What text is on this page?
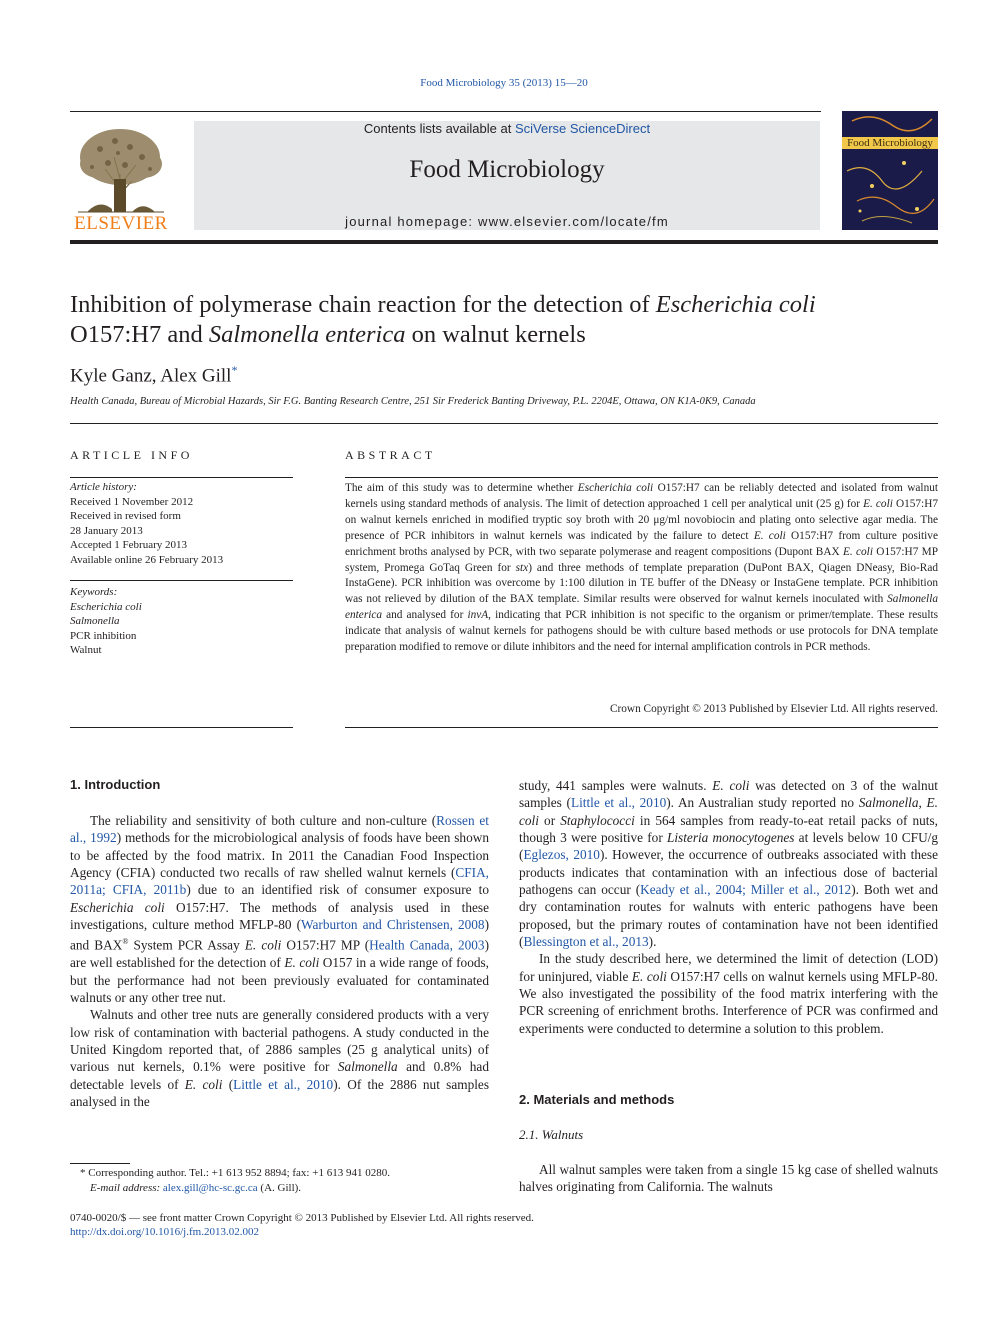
Food Microbiology 35 (2013) 15—20
ELSEVIER
Contents lists available at SciVerse ScienceDirect
Food Microbiology
journal homepage: www.elsevier.com/locate/fm
Food Microbiology
Inhibition of polymerase chain reaction for the detection of Escherichia coli
O157:H7 and Salmonella enterica on walnut kernels
Kyle Ganz, Alex Gill*
Health Canada, Bureau of Microbial Hazards, Sir F.G. Banting Research Centre, 251 Sir Frederick Banting Driveway, P.L. 2204E, Ottawa, ON K1A-0K9, Canada
ARTICLE INFO
Article history:
Received 1 November 2012
Received in revised form
28 January 2013
Accepted 1 February 2013
Available online 26 February 2013
Keywords:
Escherichia coli
Salmonella
PCR inhibition
Walnut
ABSTRACT
The aim of this study was to determine whether Escherichia coli O157:H7 can be reliably detected and isolated from walnut kernels using standard methods of analysis. The limit of detection approached 1 cell per analytical unit (25 g) for E. coli O157:H7 on walnut kernels enriched in modified tryptic soy broth with 20 μg/ml novobiocin and plating onto selective agar media. The presence of PCR inhibitors in walnut kernels was indicated by the failure to detect E. coli O157:H7 from culture positive enrichment broths analysed by PCR, with two separate polymerase and reagent compositions (Dupont BAX E. coli O157:H7 MP system, Promega GoTaq Green for stx) and three methods of template preparation (DuPont BAX, Qiagen DNeasy, Bio-Rad InstaGene). PCR inhibition was overcome by 1:100 dilution in TE buffer of the DNeasy or InstaGene template. PCR inhibition was not relieved by dilution of the BAX template. Similar results were observed for walnut kernels inoculated with Salmonella enterica and analysed for invA, indicating that PCR inhibition is not specific to the organism or primer/template. These results indicate that analysis of walnut kernels for pathogens should be with culture based methods or use protocols for DNA template preparation modified to remove or dilute inhibitors and the need for internal amplification controls in PCR methods.
Crown Copyright © 2013 Published by Elsevier Ltd. All rights reserved.
1. Introduction

The reliability and sensitivity of both culture and non-culture (Rossen et al., 1992) methods for the microbiological analysis of foods have been shown to be affected by the food matrix. In 2011 the Canadian Food Inspection Agency (CFIA) conducted two recalls of raw shelled walnut kernels (CFIA, 2011a; CFIA, 2011b) due to an identified risk of consumer exposure to Escherichia coli O157:H7. The methods of analysis used in these investigations, culture method MFLP-80 (Warburton and Christensen, 2008) and BAX® System PCR Assay E. coli O157:H7 MP (Health Canada, 2003) are well established for the detection of E. coli O157 in a wide range of foods, but the performance had not been previously evaluated for contaminated walnuts or any other tree nut.

Walnuts and other tree nuts are generally considered products with a very low risk of contamination with bacterial pathogens. A study conducted in the United Kingdom reported that, of 2886 samples (25 g analytical units) of various nut kernels, 0.1% were positive for Salmonella and 0.8% had detectable levels of E. coli (Little et al., 2010). Of the 2886 nut samples analysed in the

study, 441 samples were walnuts. E. coli was detected on 3 of the walnut samples (Little et al., 2010). An Australian study reported no Salmonella, E. coli or Staphylococci in 564 samples from ready-to-eat retail packs of nuts, though 3 were positive for Listeria monocytogenes at levels below 10 CFU/g (Eglezos, 2010). However, the occurrence of outbreaks associated with these products indicates that contamination with an infectious dose of bacterial pathogens can occur (Keady et al., 2004; Miller et al., 2012). Both wet and dry contamination routes for walnuts with enteric pathogens have been proposed, but the primary routes of contamination have not been identified (Blessington et al., 2013).

In the study described here, we determined the limit of detection (LOD) for uninjured, viable E. coli O157:H7 cells on walnut kernels using MFLP-80. We also investigated the possibility of the food matrix interfering with the PCR screening of enrichment broths. Interference of PCR was confirmed and experiments were conducted to determine a solution to this problem.

2. Materials and methods
2.1. Walnuts

All walnut samples were taken from a single 15 kg case of shelled walnuts halves originating from California. The walnuts

* Corresponding author. Tel.: +1 613 952 8894; fax: +1 613 941 0280.
E-mail address: alex.gill@hc-sc.gc.ca (A. Gill).
0740-0020/$ — see front matter Crown Copyright © 2013 Published by Elsevier Ltd. All rights reserved.
http://dx.doi.org/10.1016/j.fm.2013.02.002
